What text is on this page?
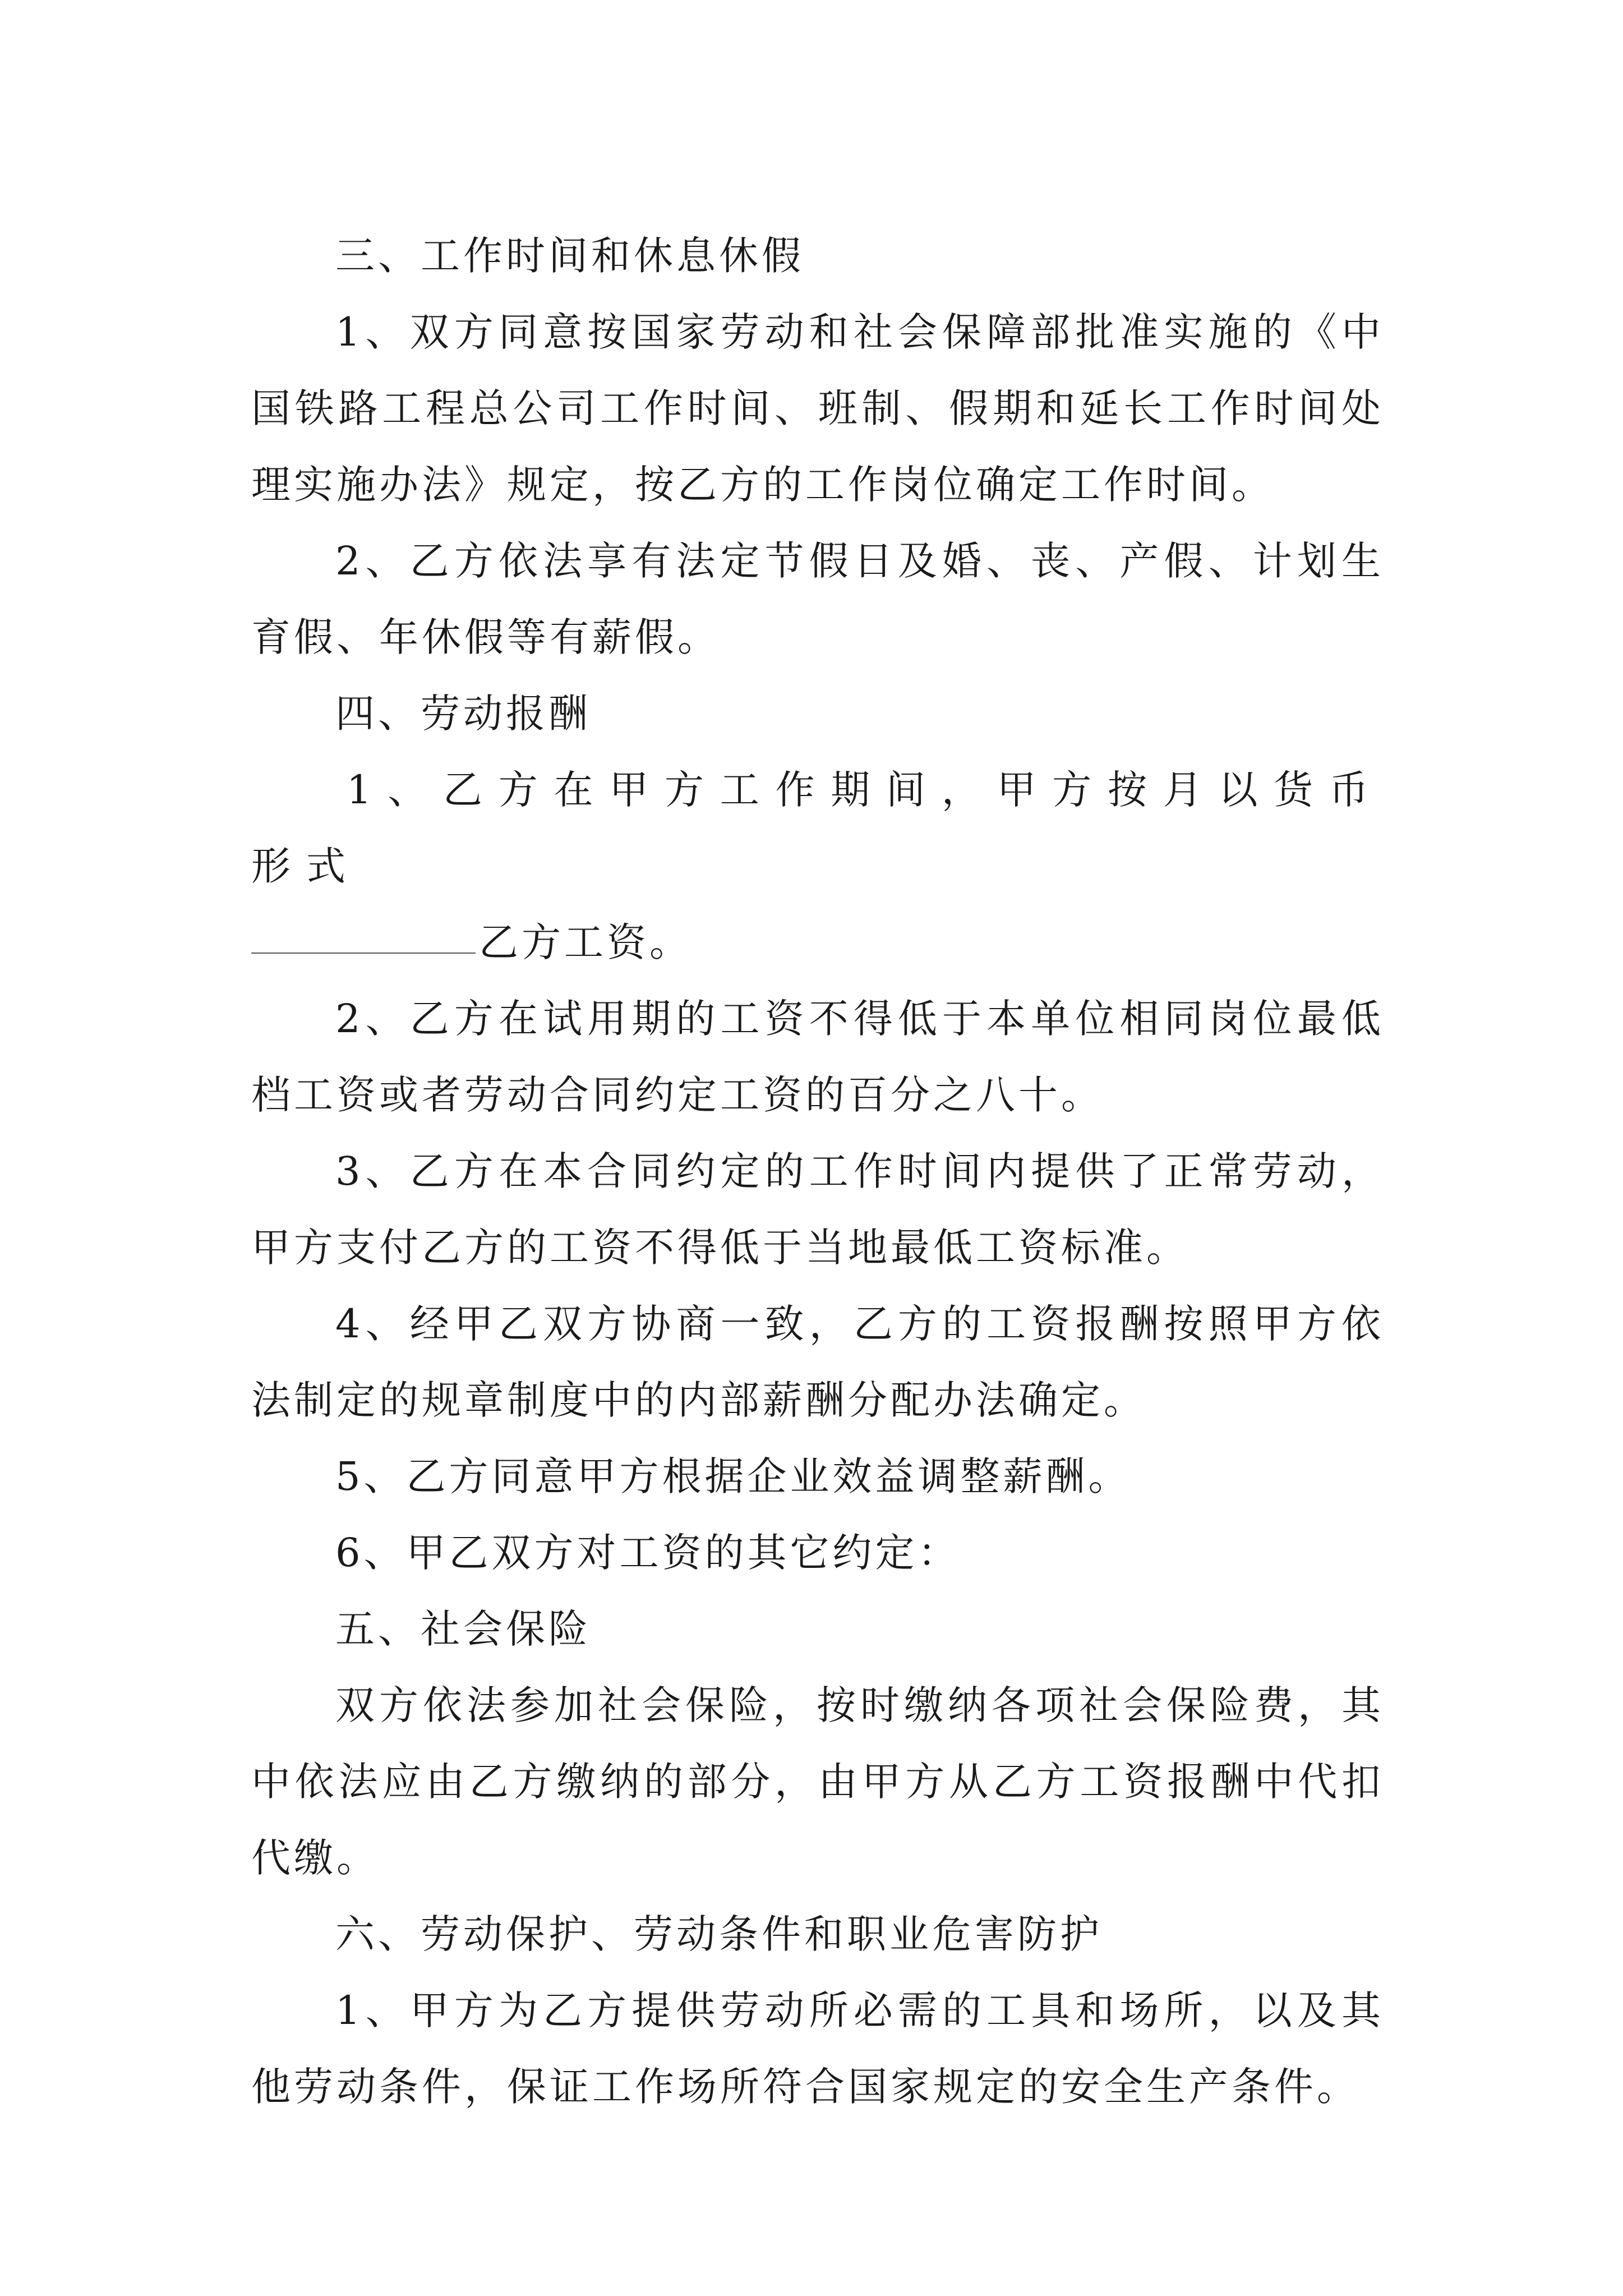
三、工作时间和休息休假

1、双方同意按国家劳动和社会保障部批准实施的《中国铁路工程总公司工作时间、班制、假期和延长工作时间处理实施办法》规定，按乙方的工作岗位确定工作时间。

2、乙方依法享有法定节假日及婚、丧、产假、计划生育假、年休假等有薪假。

四、劳动报酬

1、乙方在甲方工作期间，甲方按月以货币形式

乙方工资。

2、乙方在试用期的工资不得低于本单位相同岗位最低档工资或者劳动合同约定工资的百分之八十。

3、乙方在本合同约定的工作时间内提供了正常劳动，甲方支付乙方的工资不得低于当地最低工资标准。

4、经甲乙双方协商一致，乙方的工资报酬按照甲方依法制定的规章制度中的内部薪酬分配办法确定。

5、乙方同意甲方根据企业效益调整薪酬。

6、甲乙双方对工资的其它约定：

五、社会保险

双方依法参加社会保险，按时缴纳各项社会保险费，其中依法应由乙方缴纳的部分，由甲方从乙方工资报酬中代扣代缴。

六、劳动保护、劳动条件和职业危害防护

1、甲方为乙方提供劳动所必需的工具和场所，以及其他劳动条件，保证工作场所符合国家规定的安全生产条件。
